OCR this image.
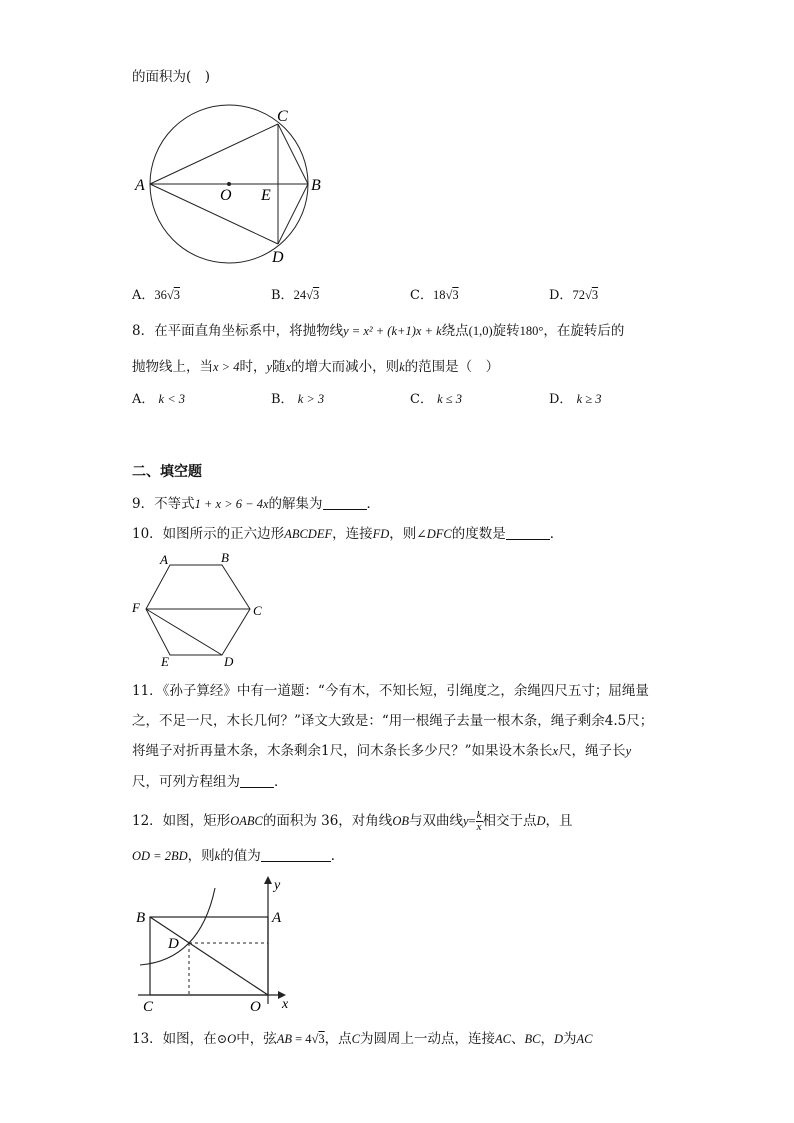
的面积为(　)
A	B
C
D
E
O
A．36√3	B．24√3	C．18√3	D．72√3
8．在平面直角坐标系中，将抛物线y = x² + (k+1)x + k绕点(1,0)旋转180°，在旋转后的
抛物线上，当x > 4时，y随x的增大而减小，则k的范围是（　）
A． k < 3	B． k > 3	C． k ≤ 3	D． k ≥ 3
二、填空题
9．不等式1 + x > 6 − 4x的解集为	．
10．如图所示的正六边形ABCDEF，连接FD，则∠DFC的度数是	．
A	B
C
D
E
F
11．《孙子算经》中有一道题：“今有木，不知长短，引绳度之，余绳四尺五寸；屈绳量
之，不足一尺，木长几何？”译文大致是：“用一根绳子去量一根木条，绳子剩余4.5尺；
将绳子对折再量木条，木条剩余1尺，问木条长多少尺？”如果设木条长x尺，绳子长y
尺，可列方程组为	．
12．如图，矩形OABC的面积为 36，对角线OB与双曲线$y= \frac{k}{x}$ 相交于点D，且
OD = 2BD，则k的值为	．
B	A
D
C	O x
y
13．如图，在⊙O中，弦AB = 4√3，点C为圆周上一动点，连接AC、BC，D为AC
